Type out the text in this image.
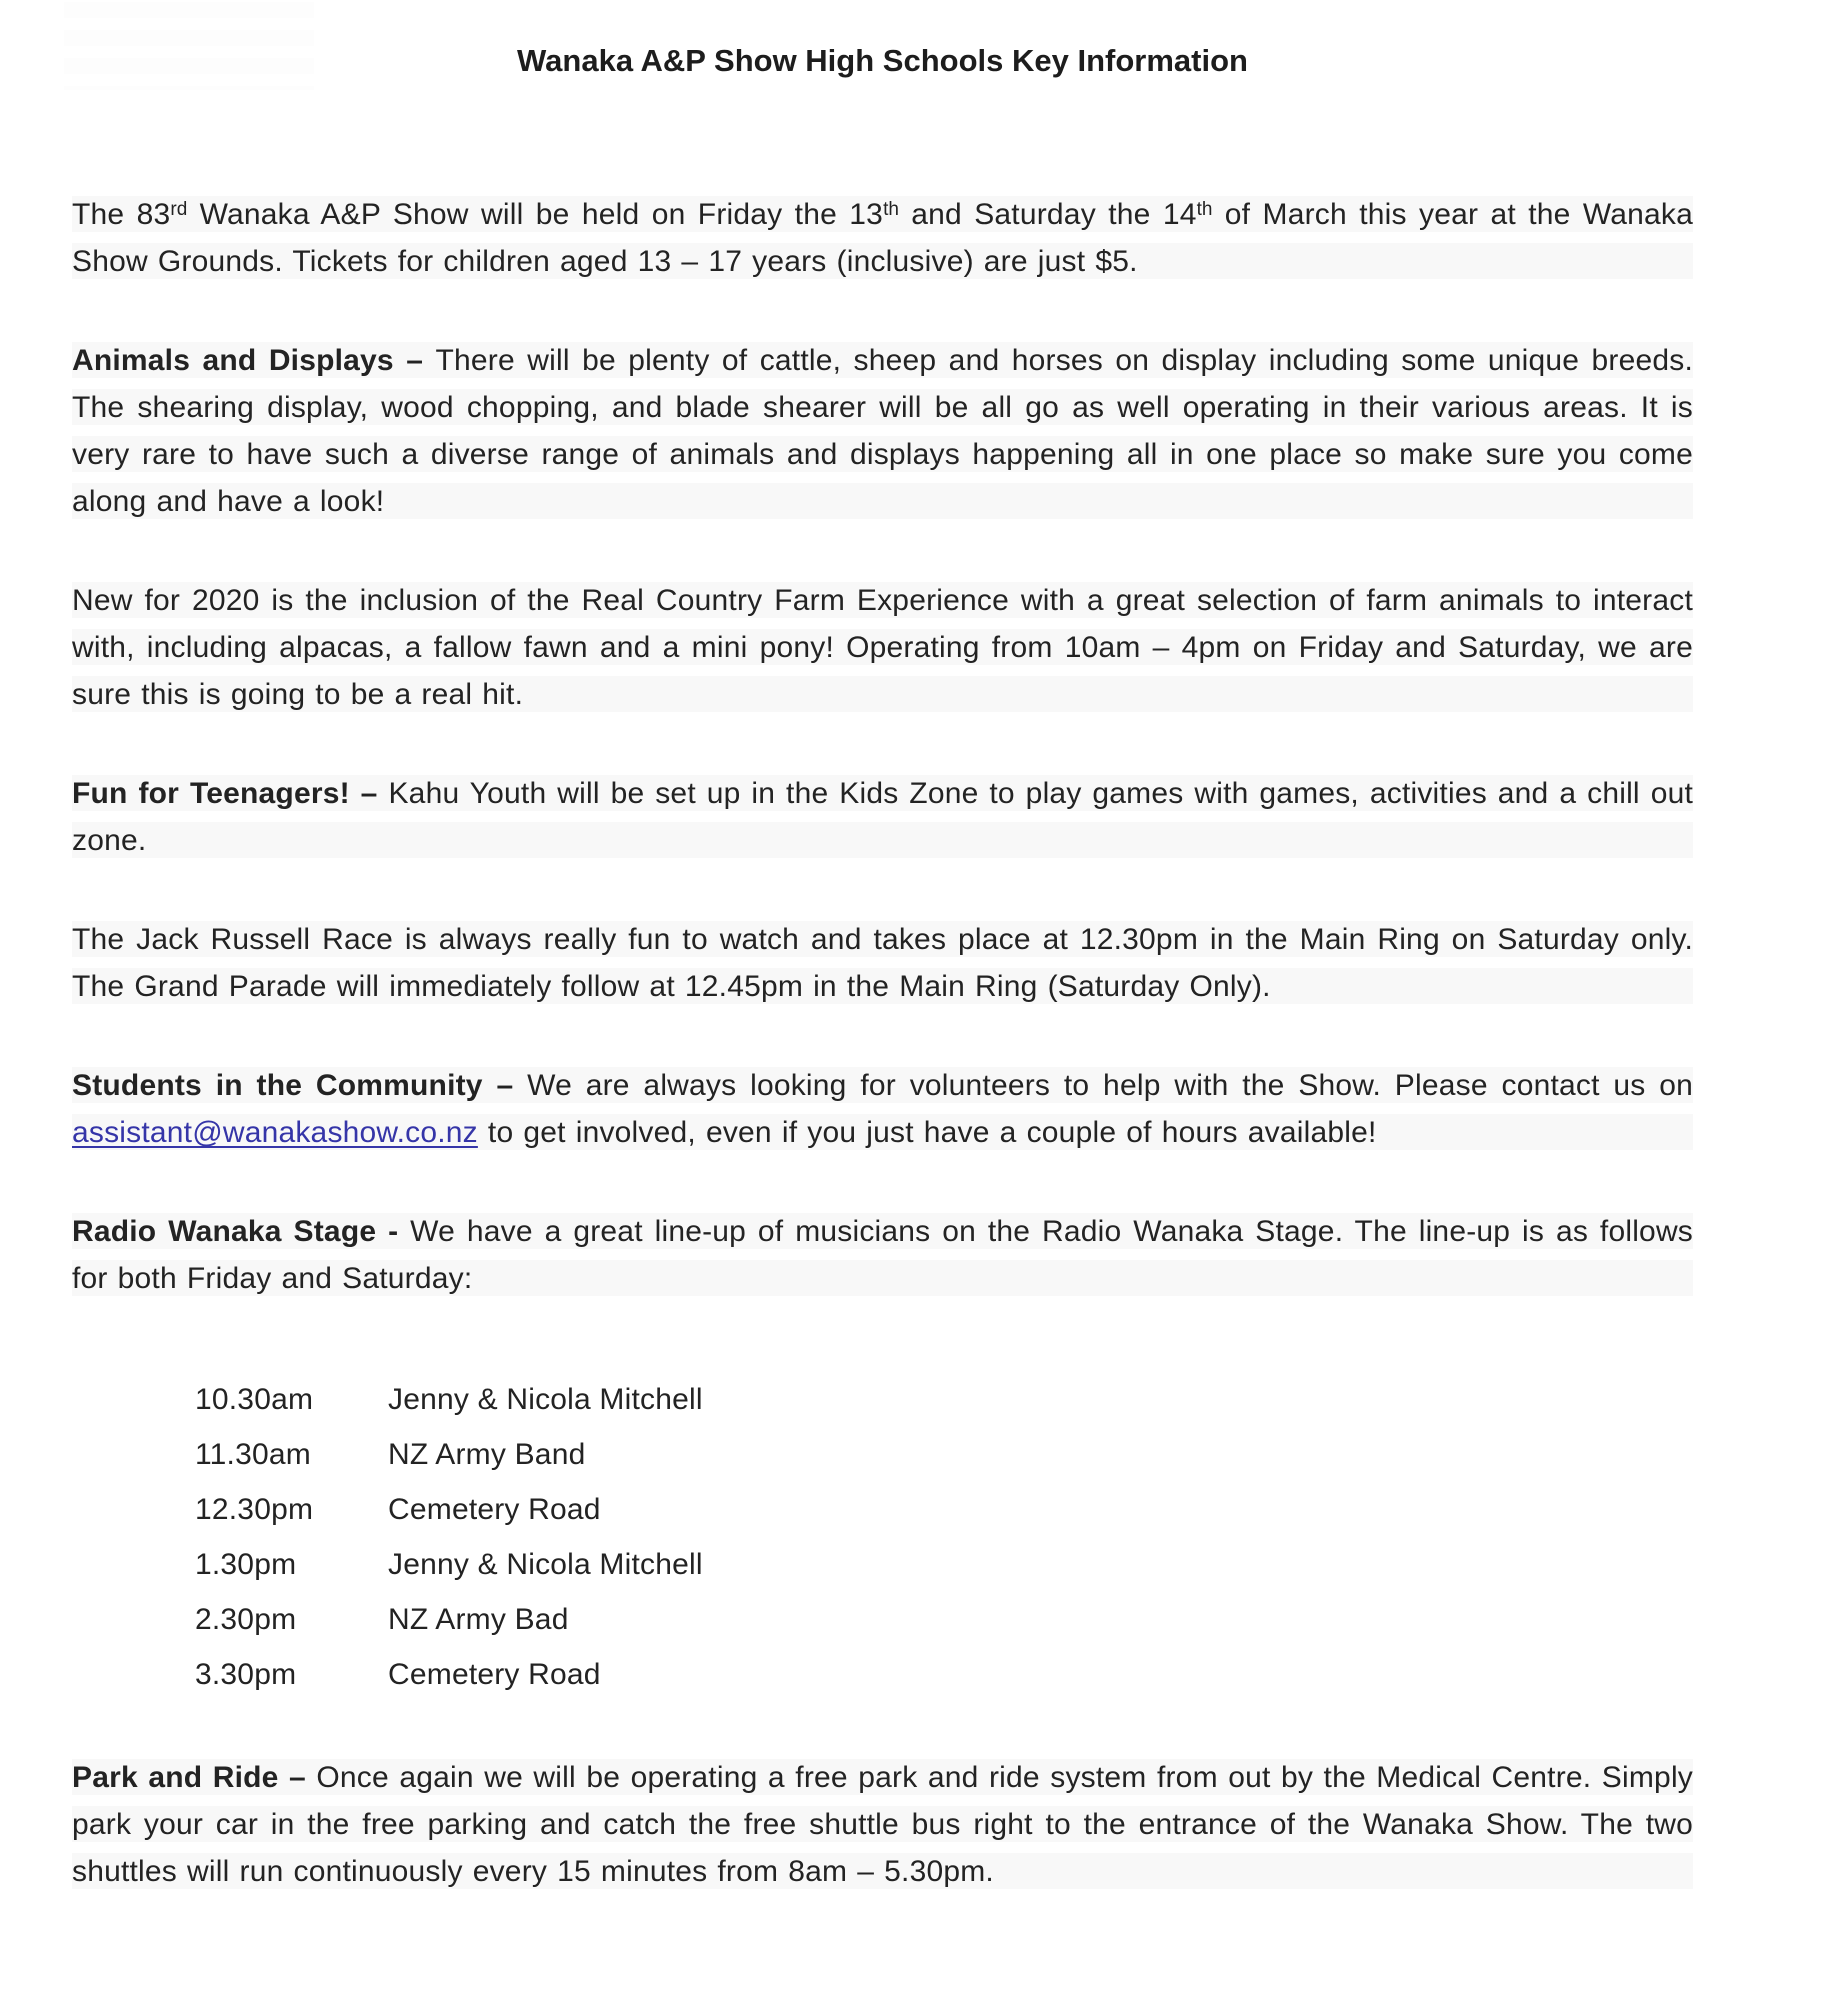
Wanaka A&P Show High Schools Key Information

The 83rd Wanaka A&P Show will be held on Friday the 13th and Saturday the 14th of March this year at the Wanaka Show Grounds. Tickets for children aged 13 – 17 years (inclusive) are just $5.

Animals and Displays – There will be plenty of cattle, sheep and horses on display including some unique breeds. The shearing display, wood chopping, and blade shearer will be all go as well operating in their various areas. It is very rare to have such a diverse range of animals and displays happening all in one place so make sure you come along and have a look!

New for 2020 is the inclusion of the Real Country Farm Experience with a great selection of farm animals to interact with, including alpacas, a fallow fawn and a mini pony! Operating from 10am – 4pm on Friday and Saturday, we are sure this is going to be a real hit.

Fun for Teenagers! – Kahu Youth will be set up in the Kids Zone to play games with games, activities and a chill out zone.

The Jack Russell Race is always really fun to watch and takes place at 12.30pm in the Main Ring on Saturday only. The Grand Parade will immediately follow at 12.45pm in the Main Ring (Saturday Only).

Students in the Community – We are always looking for volunteers to help with the Show. Please contact us on assistant@wanakashow.co.nz to get involved, even if you just have a couple of hours available!

Radio Wanaka Stage - We have a great line-up of musicians on the Radio Wanaka Stage. The line-up is as follows for both Friday and Saturday:

10.30am	Jenny & Nicola Mitchell
11.30am	NZ Army Band
12.30pm	Cemetery Road
1.30pm	Jenny & Nicola Mitchell
2.30pm	NZ Army Bad
3.30pm	Cemetery Road

Park and Ride – Once again we will be operating a free park and ride system from out by the Medical Centre. Simply park your car in the free parking and catch the free shuttle bus right to the entrance of the Wanaka Show. The two shuttles will run continuously every 15 minutes from 8am – 5.30pm.
